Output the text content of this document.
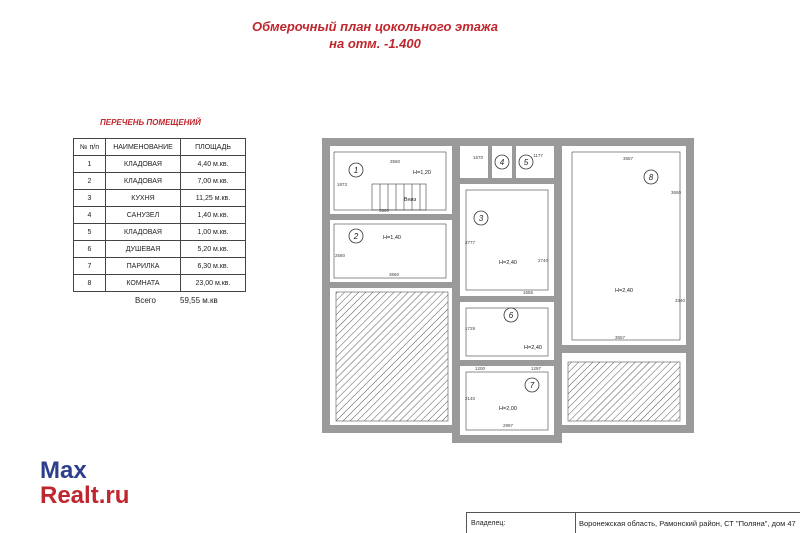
Обмерочный план цокольного этажа
на отм. -1.400
ПЕРЕЧЕНЬ ПОМЕЩЕНИЙ
№ п/п	НАИМЕНОВАНИЕ	ПЛОЩАДЬ
1	КЛАДОВАЯ	4,40 м.кв.
2	КЛАДОВАЯ	7,00 м.кв.
3	КУХНЯ	11,25 м.кв.
4	САНУЗЕЛ	1,40 м.кв.
5	КЛАДОВАЯ	1,00 м.кв.
6	ДУШЕВАЯ	5,20 м.кв.
7	ПАРИЛКА	6,30 м.кв.
8	КОМНАТА	23,00 м.кв.
Всего	59,55 м.кв
1
2
3
4 5
6
7
8
Н=1,20
Н=1,40
Н=2,40
Н=2,40
Н=2,40
Н=2,00
Вниз
3560
1873
3660
1670	1177
3557
3777
2740
3650
3340
2560
3660
1656
1729
3557
1200	1297
2140
2997
Max
Realt.ru
Владелец:	Воронежская область, Рамонский район, СТ "Поляна", дом 47
